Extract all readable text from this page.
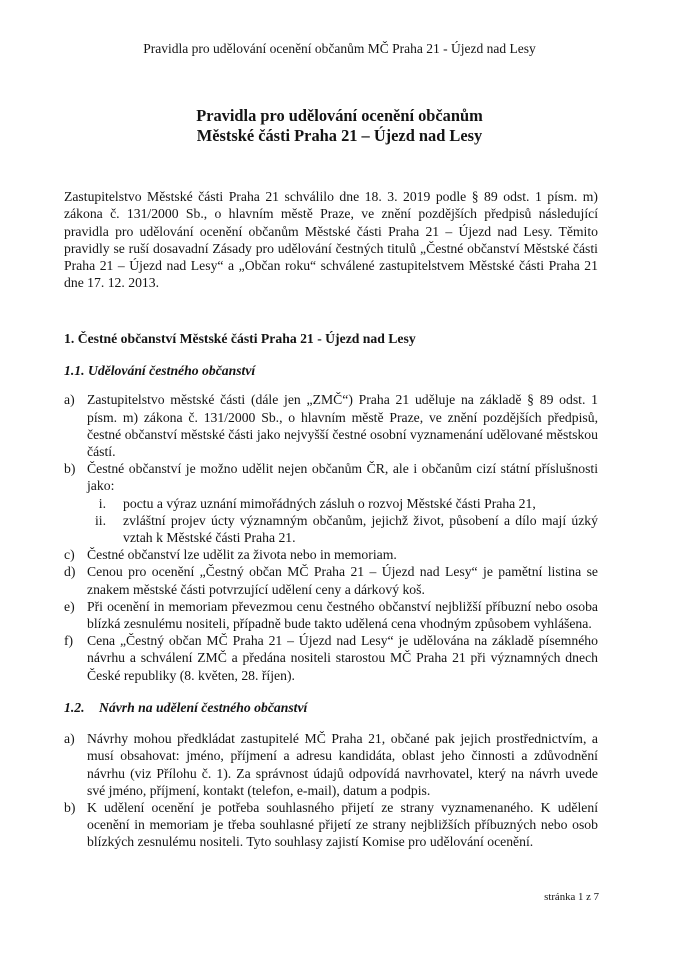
Pravidla pro udělování ocenění občanům MČ Praha 21 - Újezd nad Lesy
Pravidla pro udělování ocenění občanům
Městské části Praha 21 – Újezd nad Lesy

Zastupitelstvo Městské části Praha 21 schválilo dne 18. 3. 2019 podle § 89 odst. 1 písm. m) zákona č. 131/2000 Sb., o hlavním městě Praze, ve znění pozdějších předpisů následující pravidla pro udělování ocenění občanům Městské části Praha 21 – Újezd nad Lesy. Těmito pravidly se ruší dosavadní Zásady pro udělování čestných titulů „Čestné občanství Městské části Praha 21 – Újezd nad Lesy“ a „Občan roku“ schválené zastupitelstvem Městské části Praha 21 dne 17. 12. 2013.

1. Čestné občanství Městské části Praha 21 - Újezd nad Lesy
1.1. Udělování čestného občanství
a) Zastupitelstvo městské části (dále jen „ZMČ“) Praha 21 uděluje na základě § 89 odst. 1 písm. m) zákona č. 131/2000 Sb., o hlavním městě Praze, ve znění pozdějších předpisů, čestné občanství městské části jako nejvyšší čestné osobní vyznamenání udělované městskou částí.
b) Čestné občanství je možno udělit nejen občanům ČR, ale i občanům cizí státní příslušnosti jako:
i.	poctu a výraz uznání mimořádných zásluh o rozvoj Městské části Praha 21,
ii.	zvláštní projev úcty významným občanům, jejichž život, působení a dílo mají úzký vztah k Městské části Praha 21.
c) Čestné občanství lze udělit za života nebo in memoriam.
d) Cenou pro ocenění „Čestný občan MČ Praha 21 – Újezd nad Lesy“ je pamětní listina se znakem městské části potvrzující udělení ceny a dárkový koš.
e) Při ocenění in memoriam převezmou cenu čestného občanství nejbližší příbuzní nebo osoba blízká zesnulému nositeli, případně bude takto udělená cena vhodným způsobem vyhlášena.
f)	Cena „Čestný občan MČ Praha 21 – Újezd nad Lesy“ je udělována na základě písemného návrhu a schválení ZMČ a předána nositeli starostou MČ Praha 21 při významných dnech České republiky (8. květen, 28. říjen).
1.2. Návrh na udělení čestného občanství
a) Návrhy mohou předkládat zastupitelé MČ Praha 21, občané pak jejich prostřednictvím, a musí obsahovat: jméno, příjmení a adresu kandidáta, oblast jeho činnosti a zdůvodnění návrhu (viz Přílohu č. 1). Za správnost údajů odpovídá navrhovatel, který na návrh uvede své jméno, příjmení, kontakt (telefon, e-mail), datum a podpis.
b) K udělení ocenění je potřeba souhlasného přijetí ze strany vyznamenaného. K udělení ocenění in memoriam je třeba souhlasné přijetí ze strany nejbližších příbuzných nebo osob blízkých zesnulému nositeli. Tyto souhlasy zajistí Komise pro udělování ocenění.
stránka 1 z 7
